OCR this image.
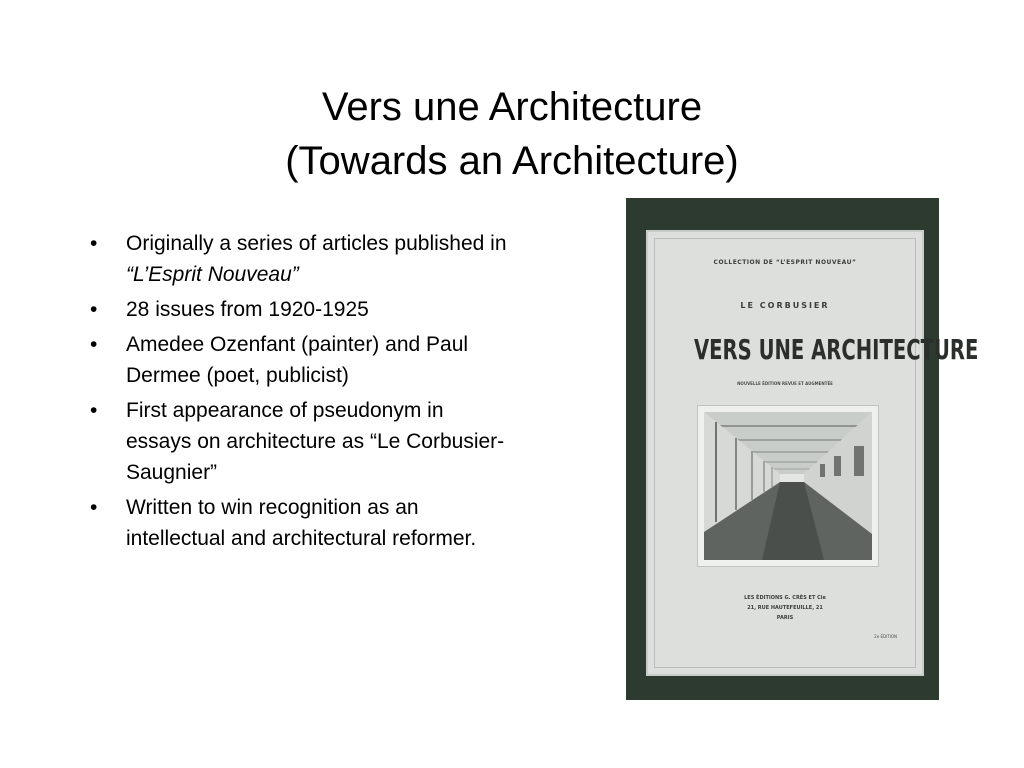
Vers une Architecture
(Towards an Architecture)
• Originally a series of articles published in “L’Esprit Nouveau”
• 28 issues from 1920-1925
• Amedee Ozenfant (painter) and Paul Dermee (poet, publicist)
• First appearance of pseudonym in essays on architecture as “Le Corbusier-Saugnier”
• Written to win recognition as an intellectual and architectural reformer.
COLLECTION DE “L’ESPRIT NOUVEAU”
LE CORBUSIER
VERS UNE ARCHITECTURE
NOUVELLE ÉDITION REVUE ET AUGMENTÉE
LES ÉDITIONS G. CRÈS ET Cie
21, RUE HAUTEFEUILLE, 21
PARIS
2e ÉDITION
